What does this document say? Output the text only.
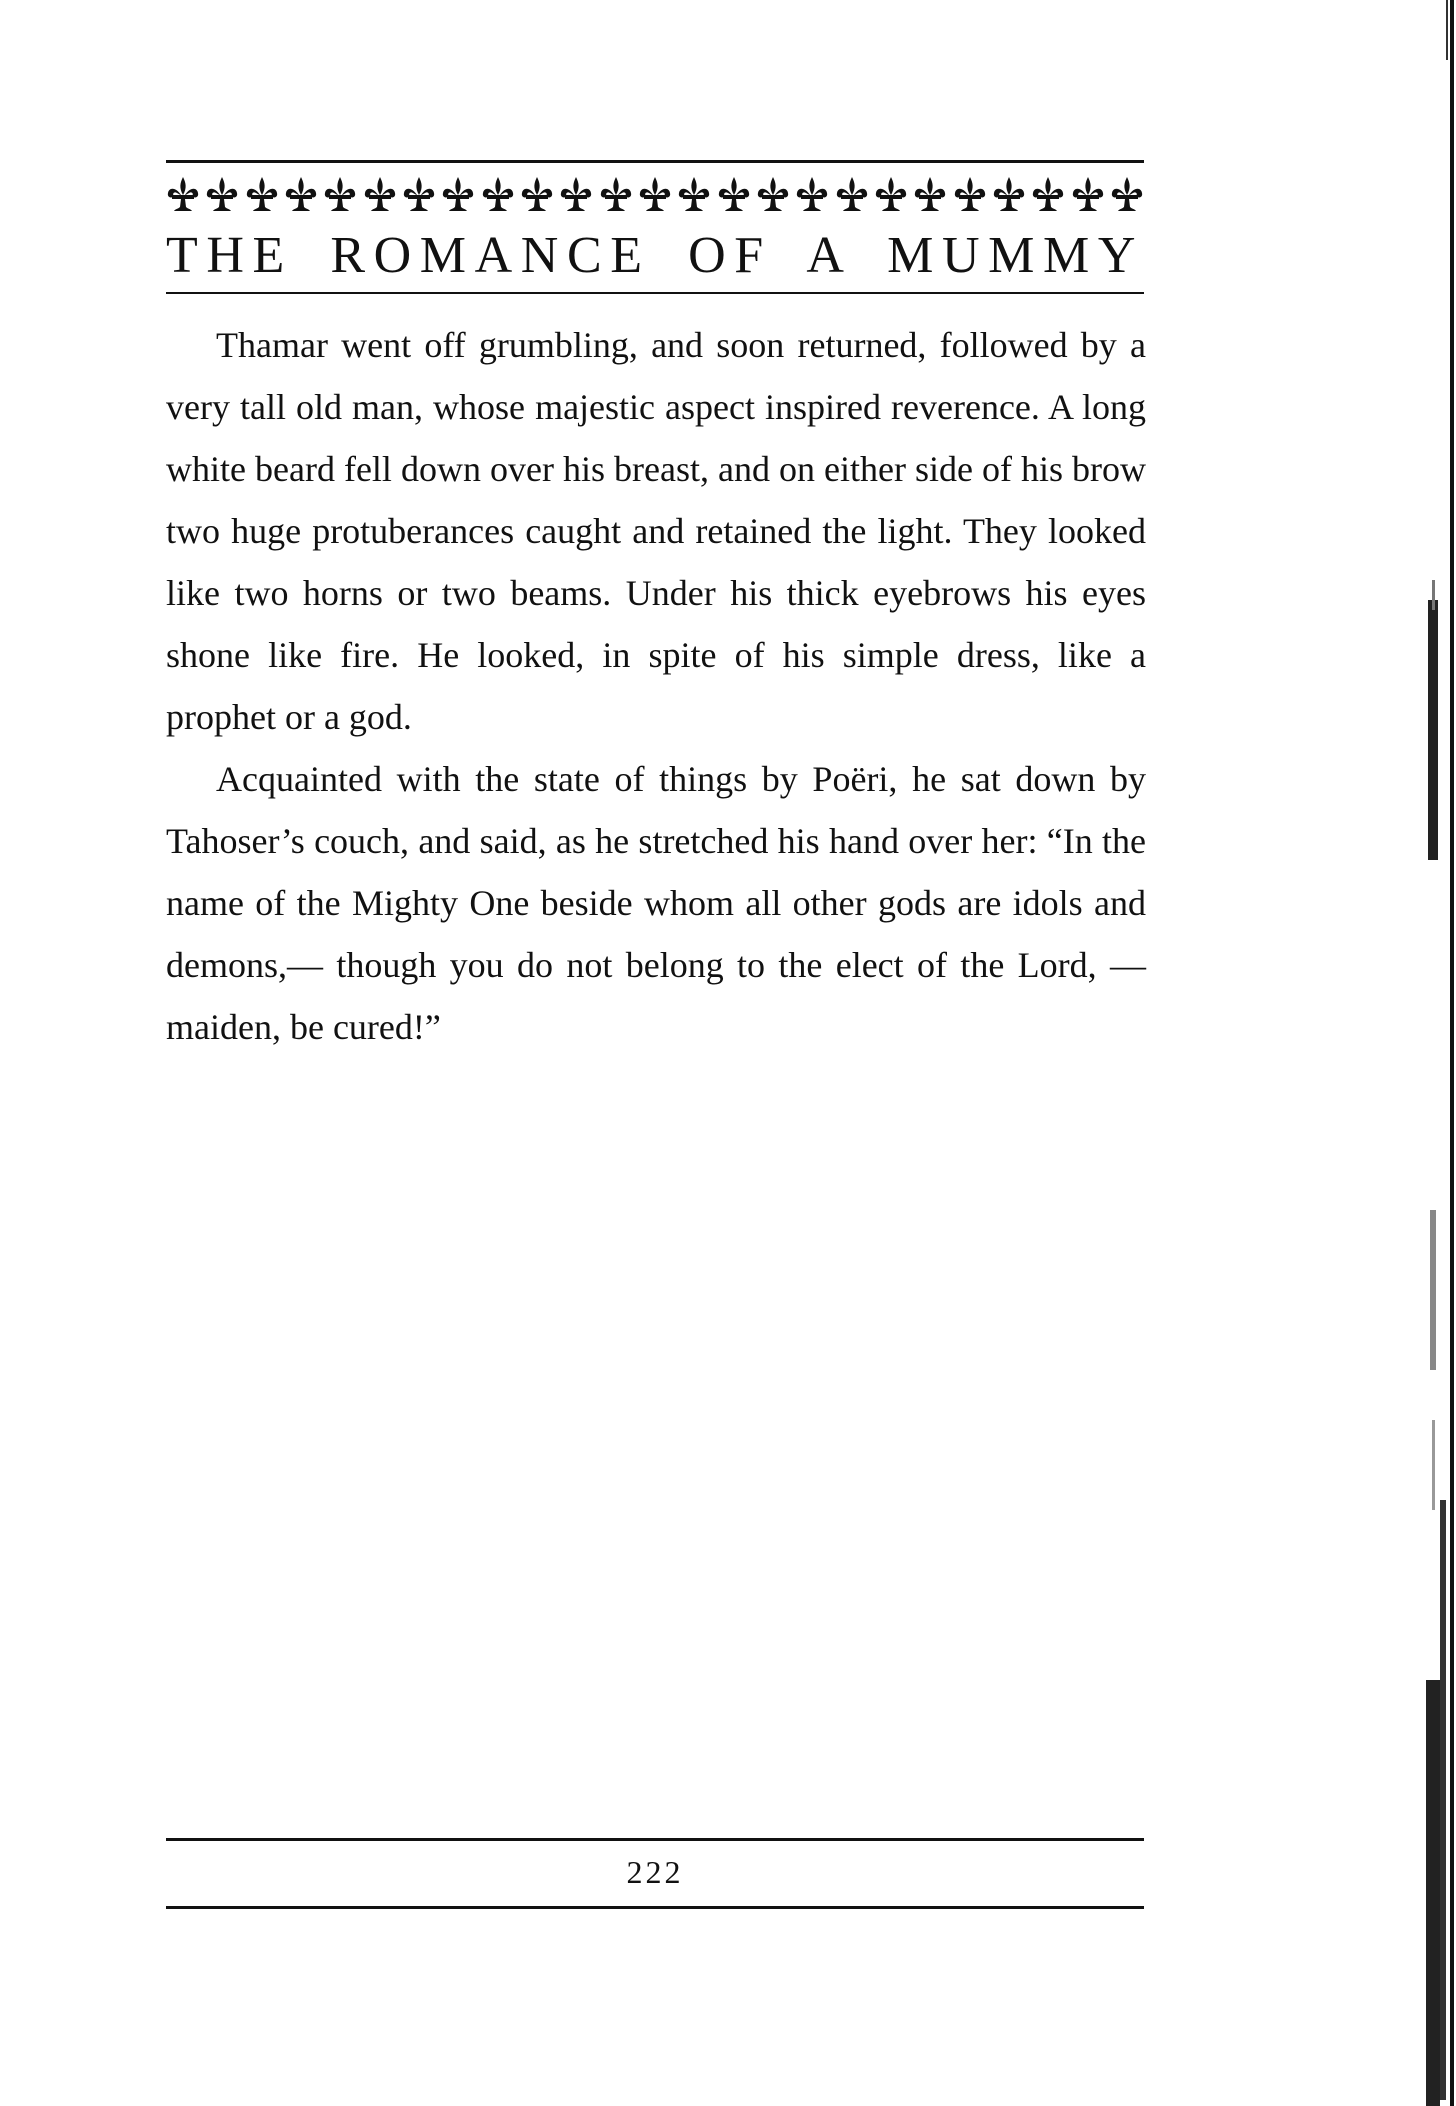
THE ROMANCE OF A MUMMY

Thamar went off grumbling, and soon returned, followed by a very tall old man, whose majestic aspect inspired reverence. A long white beard fell down over his breast, and on either side of his brow two huge protuberances caught and retained the light. They looked like two horns or two beams. Under his thick eyebrows his eyes shone like fire. He looked, in spite of his simple dress, like a prophet or a god.

Acquainted with the state of things by Poëri, he sat down by Tahoser’s couch, and said, as he stretched his hand over her: “In the name of the Mighty One beside whom all other gods are idols and demons,— though you do not belong to the elect of the Lord, —maiden, be cured!”

222
